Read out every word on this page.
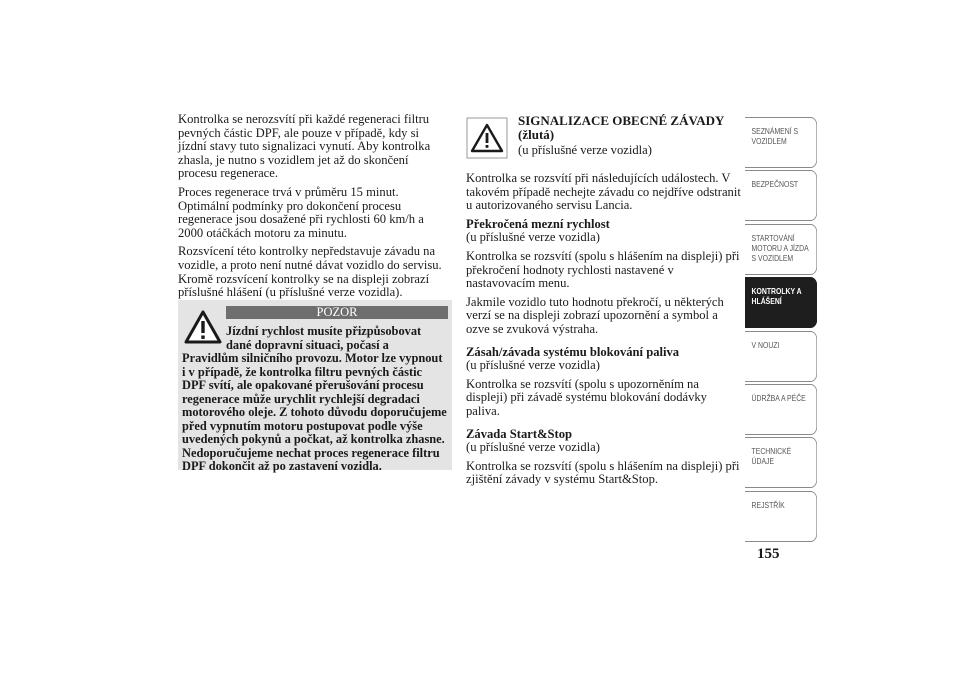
Kontrolka se nerozsvítí při každé regeneraci filtru pevných částic DPF, ale pouze v případě, kdy si jízdní stavy tuto signalizaci vynutí. Aby kontrolka zhasla, je nutno s vozidlem jet až do skončení procesu regenerace.

Proces regenerace trvá v průměru 15 minut. Optimální podmínky pro dokončení procesu regenerace jsou dosažené při rychlosti 60 km/h a 2000 otáčkách motoru za minutu.

Rozsvícení této kontrolky nepředstavuje závadu na vozidle, a proto není nutné dávat vozidlo do servisu. Kromě rozsvícení kontrolky se na displeji zobrazí příslušné hlášení (u příslušné verze vozidla).

POZOR
Jízdní rychlost musíte přizpůsobovat dané dopravní situaci, počasí a Pravidlům silničního provozu. Motor lze vypnout i v případě, že kontrolka filtru pevných částic DPF svítí, ale opakované přerušování procesu regenerace může urychlit rychlejší degradaci motorového oleje. Z tohoto důvodu doporučujeme před vypnutím motoru postupovat podle výše uvedených pokynů a počkat, až kontrolka zhasne. Nedoporučujeme nechat proces regenerace filtru DPF dokončit až po zastavení vozidla.
SIGNALIZACE OBECNÉ ZÁVADY
(žlutá)
(u příslušné verze vozidla)

Kontrolka se rozsvítí při následujících událostech. V takovém případě nechejte závadu co nejdříve odstranit u autorizovaného servisu Lancia.

Překročená mezní rychlost
(u příslušné verze vozidla)

Kontrolka se rozsvítí (spolu s hlášením na displeji) při překročení hodnoty rychlosti nastavené v nastavovacím menu.

Jakmile vozidlo tuto hodnotu překročí, u některých verzí se na displeji zobrazí upozornění a symbol a ozve se zvuková výstraha.

Zásah/závada systému blokování paliva
(u příslušné verze vozidla)

Kontrolka se rozsvítí (spolu s upozorněním na displeji) při závadě systému blokování dodávky paliva.

Závada Start&Stop
(u příslušné verze vozidla)

Kontrolka se rozsvítí (spolu s hlášením na displeji) při zjištění závady v systému Start&Stop.

SEZNÁMENÍ S
VOZIDLEM
BEZPEČNOST
STARTOVÁNÍ
MOTORU A JÍZDA
S VOZIDLEM
KONTROLKY A
HLÁŠENÍ
V NOUZI
ÚDRŽBA A PÉČE
TECHNICKÉ
ÚDAJE
REJSTŘÍK
155
